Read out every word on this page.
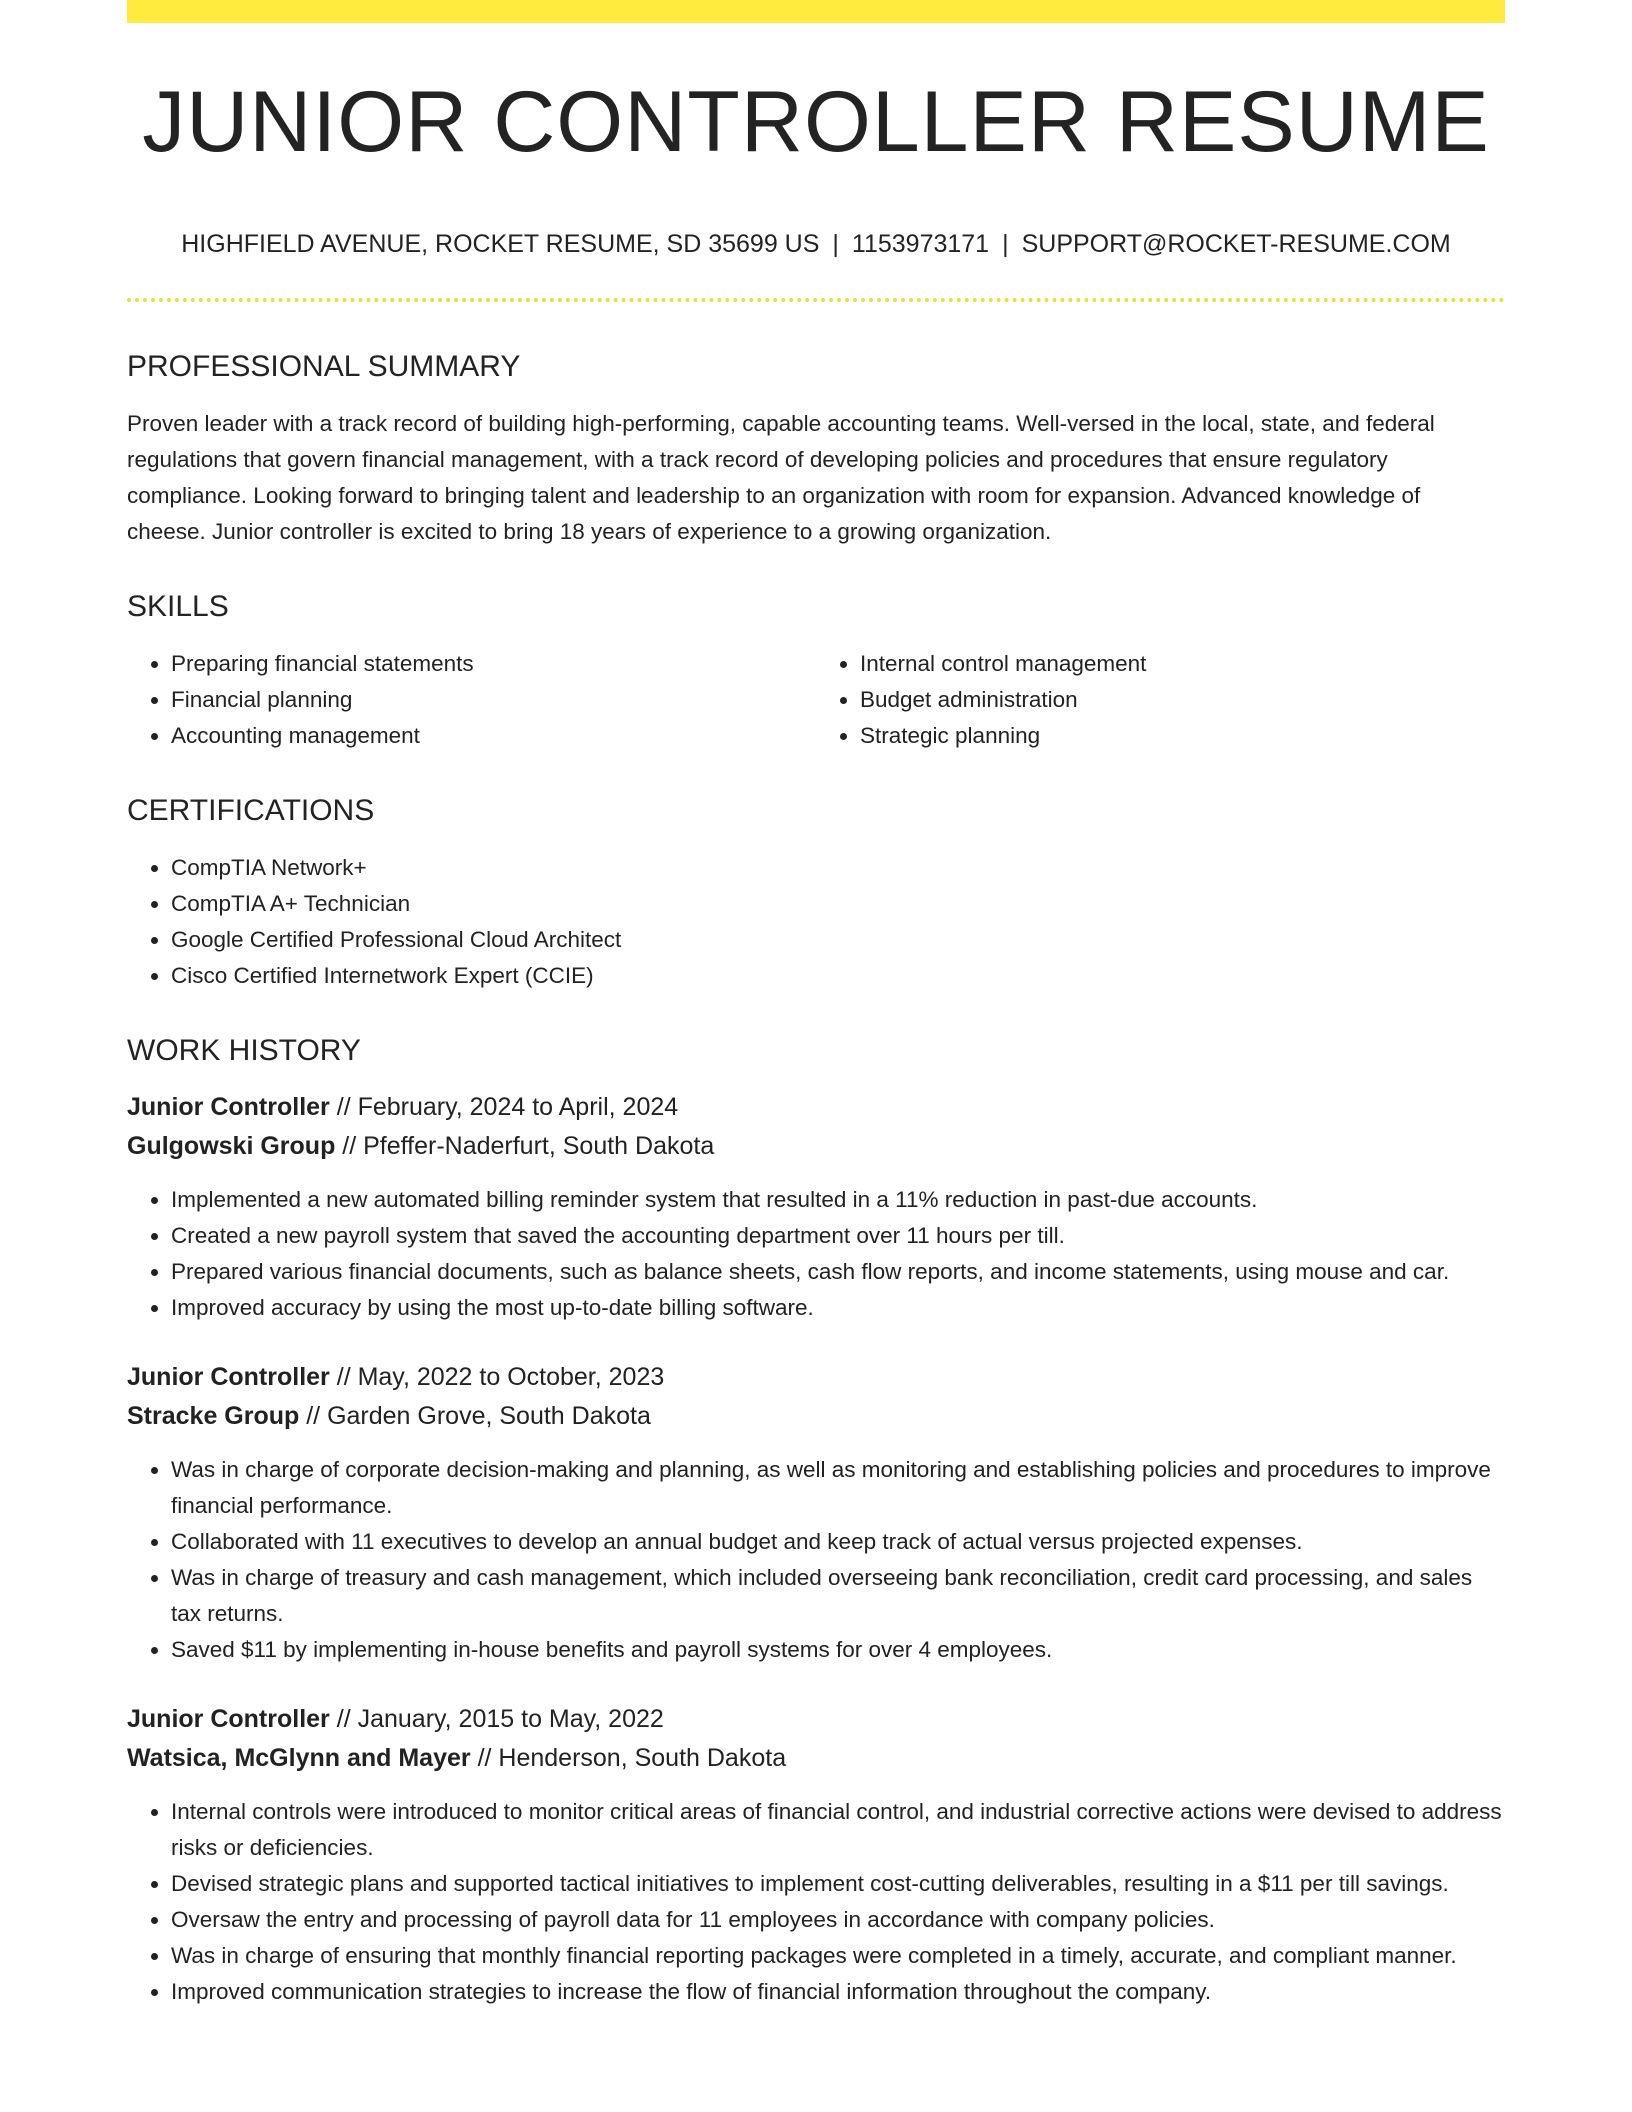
JUNIOR CONTROLLER RESUME
HIGHFIELD AVENUE, ROCKET RESUME, SD 35699 US | 1153973171 | SUPPORT@ROCKET-RESUME.COM
PROFESSIONAL SUMMARY

Proven leader with a track record of building high-performing, capable accounting teams. Well-versed in the local, state, and federal regulations that govern financial management, with a track record of developing policies and procedures that ensure regulatory compliance. Looking forward to bringing talent and leadership to an organization with room for expansion. Advanced knowledge of cheese. Junior controller is excited to bring 18 years of experience to a growing organization.

SKILLS
• Preparing financial statements
• Financial planning
• Accounting management
• Internal control management
• Budget administration
• Strategic planning
CERTIFICATIONS
• CompTIA Network+
• CompTIA A+ Technician
• Google Certified Professional Cloud Architect
• Cisco Certified Internetwork Expert (CCIE)
WORK HISTORY
Junior Controller // February, 2024 to April, 2024
Gulgowski Group // Pfeffer-Naderfurt, South Dakota
• Implemented a new automated billing reminder system that resulted in a 11% reduction in past-due accounts.
• Created a new payroll system that saved the accounting department over 11 hours per till.
• Prepared various financial documents, such as balance sheets, cash flow reports, and income statements, using mouse and car.
• Improved accuracy by using the most up-to-date billing software.
Junior Controller // May, 2022 to October, 2023
Stracke Group // Garden Grove, South Dakota
• Was in charge of corporate decision-making and planning, as well as monitoring and establishing policies and procedures to improve financial performance.
• Collaborated with 11 executives to develop an annual budget and keep track of actual versus projected expenses.
• Was in charge of treasury and cash management, which included overseeing bank reconciliation, credit card processing, and sales tax returns.
• Saved $11 by implementing in-house benefits and payroll systems for over 4 employees.
Junior Controller // January, 2015 to May, 2022
Watsica, McGlynn and Mayer // Henderson, South Dakota
• Internal controls were introduced to monitor critical areas of financial control, and industrial corrective actions were devised to address risks or deficiencies.
• Devised strategic plans and supported tactical initiatives to implement cost-cutting deliverables, resulting in a $11 per till savings.
• Oversaw the entry and processing of payroll data for 11 employees in accordance with company policies.
• Was in charge of ensuring that monthly financial reporting packages were completed in a timely, accurate, and compliant manner.
• Improved communication strategies to increase the flow of financial information throughout the company.
